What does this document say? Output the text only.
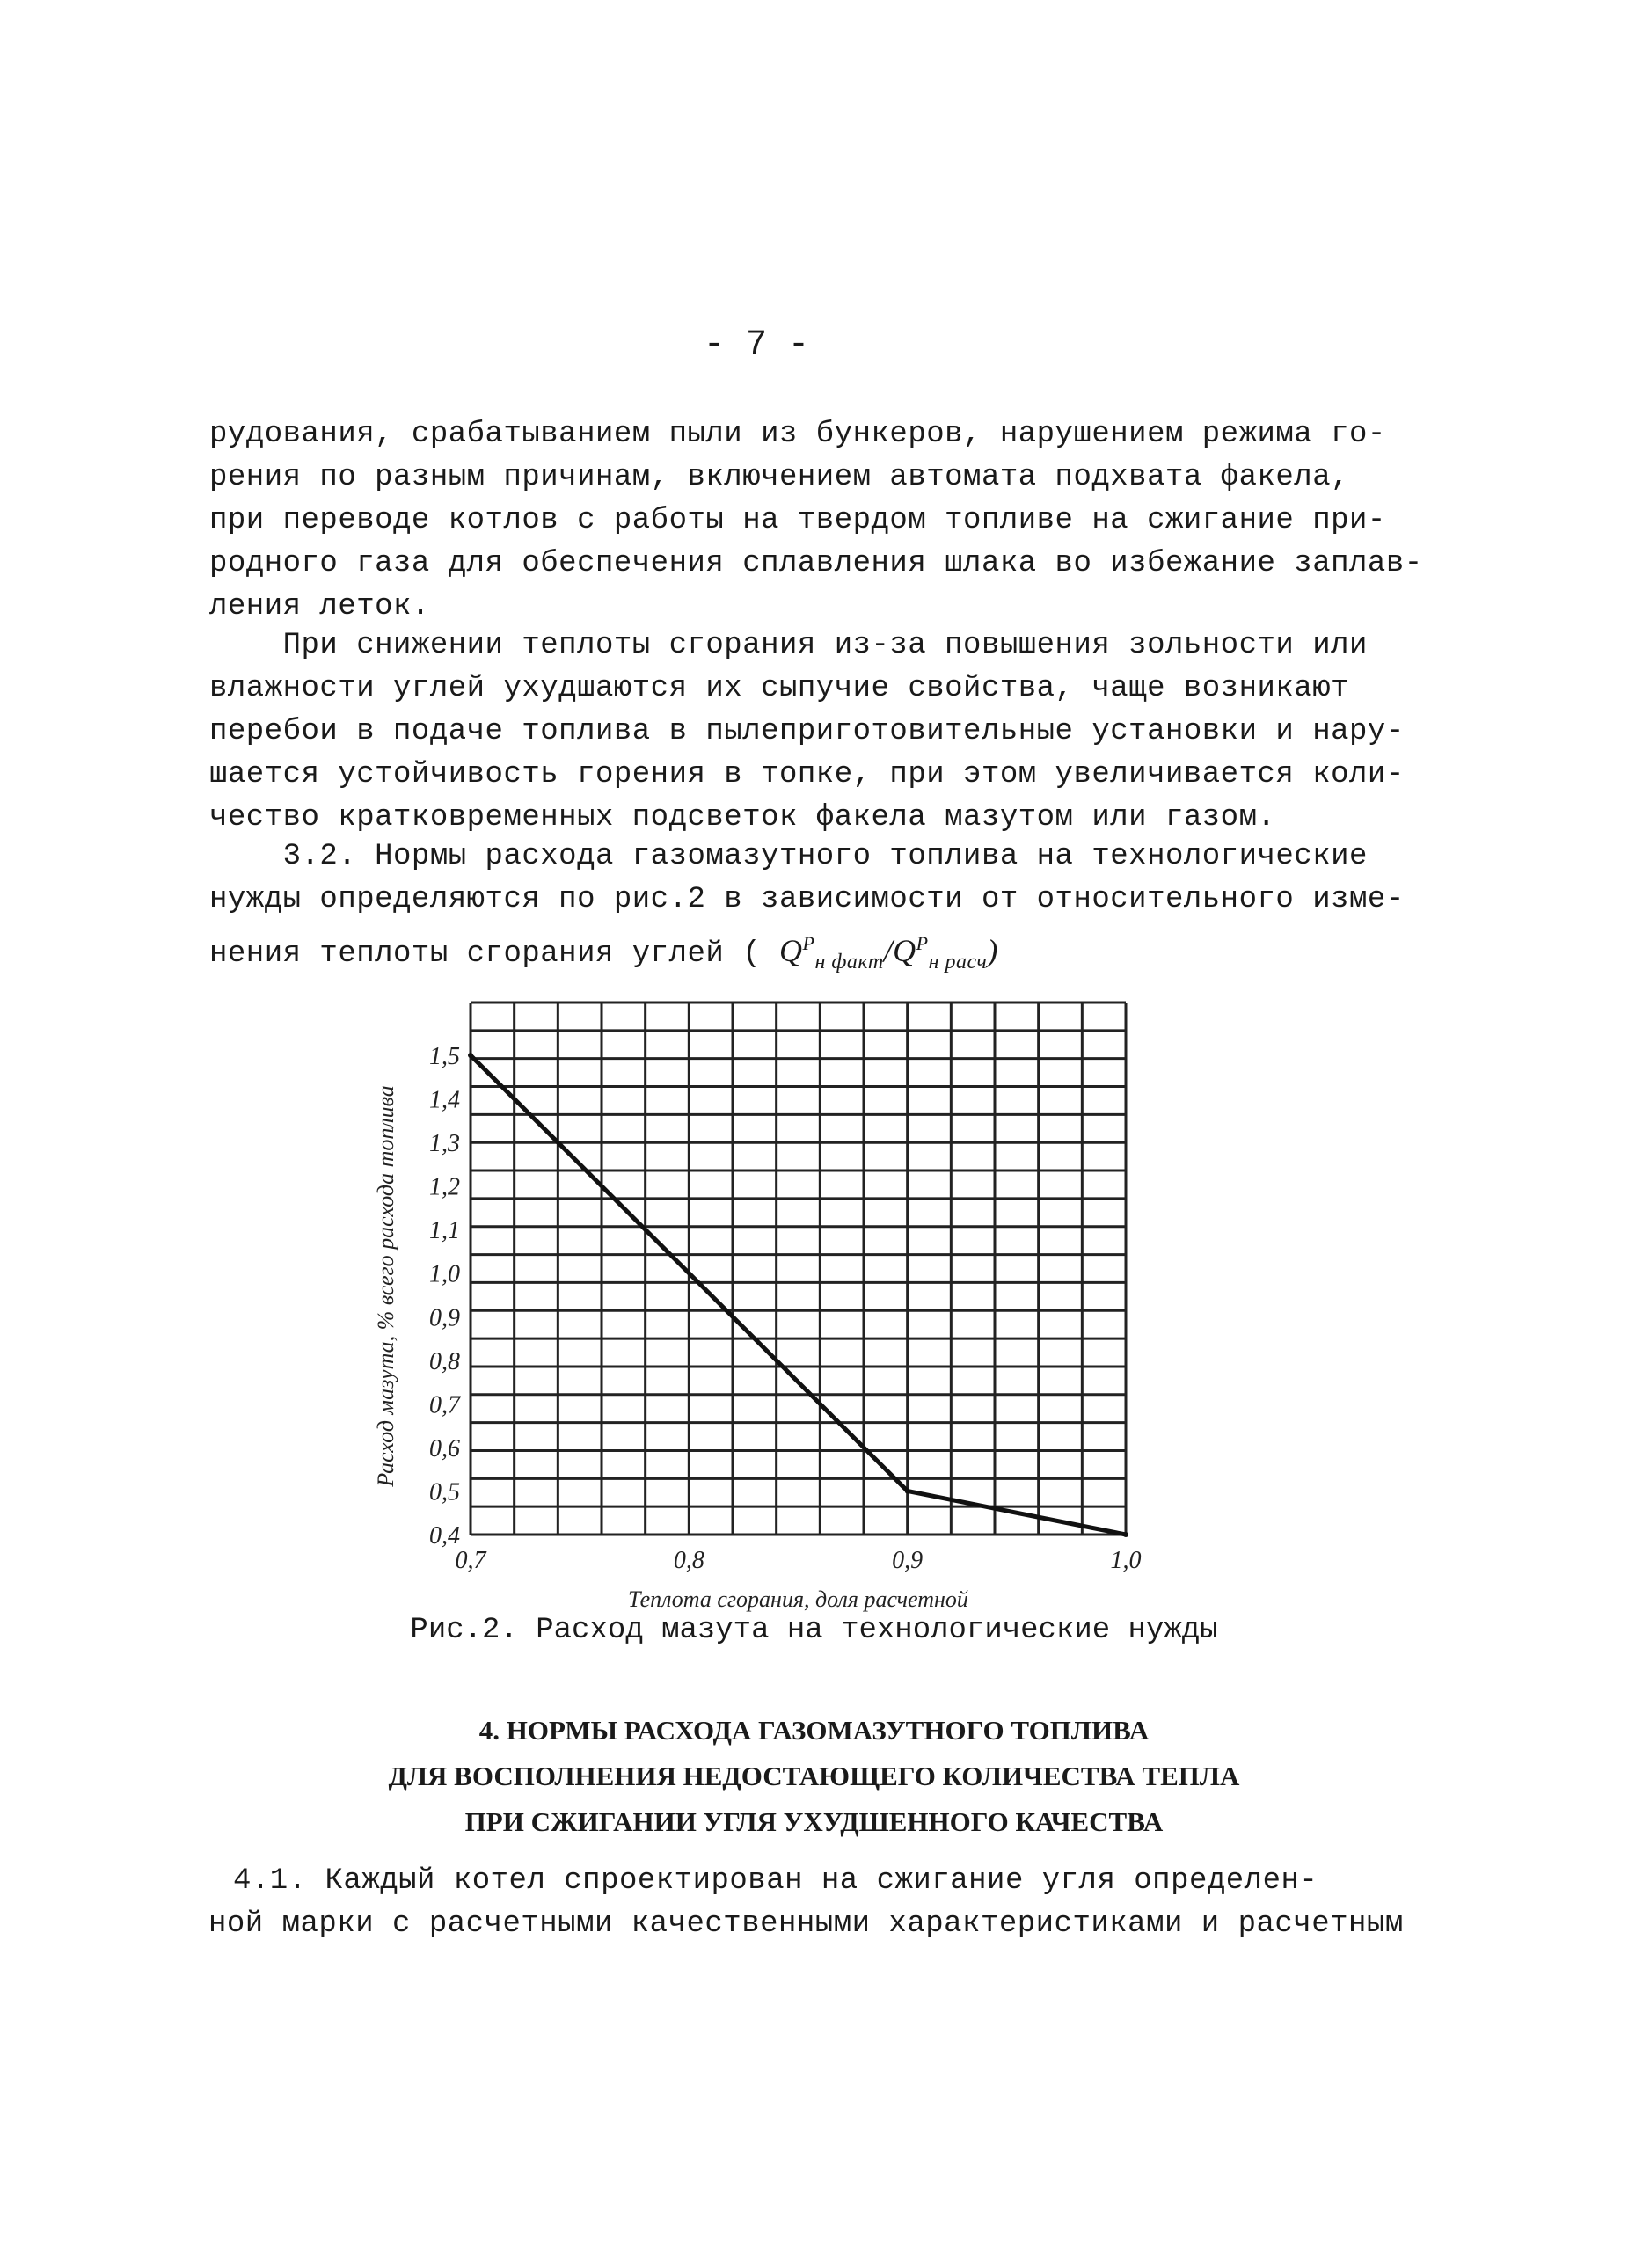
- 7 -
рудования, срабатыванием пыли из бункеров, нарушением режима го-
рения по разным причинам, включением автомата подхвата факела,
при переводе котлов с работы на твердом топливе на сжигание при-
родного газа для обеспечения сплавления шлака во избежание заплав-
ления леток.
При снижении теплоты сгорания из-за повышения зольности или
влажности углей ухудшаются их сыпучие свойства, чаще возникают
перебои в подаче топлива в пылеприготовительные установки и нару-
шается устойчивость горения в топке, при этом увеличивается коли-
чество кратковременных подсветок факела мазутом или газом.
3.2. Нормы расхода газомазутного топлива на технологические
нужды определяются по рис.2 в зависимости от относительного изме-
нения теплоты сгорания углей ( $Q^P_{н факт}/Q^P_{н расч}$)
1,5
1,4
1,3
1,2
1,1
1,0
0,9
0,8
0,7
0,6
0,5
0,4
0,7	0,8	0,9	1,0
Теплота сгорания, доля расчетной
Расход мазута, % всего расхода топлива
Рис.2. Расход мазута на технологические нужды
4. НОРМЫ РАСХОДА ГАЗОМАЗУТНОГО ТОПЛИВА
ДЛЯ ВОСПОЛНЕНИЯ НЕДОСТАЮЩЕГО КОЛИЧЕСТВА ТЕПЛА
ПРИ СЖИГАНИИ УГЛЯ УХУДШЕННОГО КАЧЕСТВА
4.1. Каждый котел спроектирован на сжигание угля определен-
ной марки с расчетными качественными характеристиками и расчетным
